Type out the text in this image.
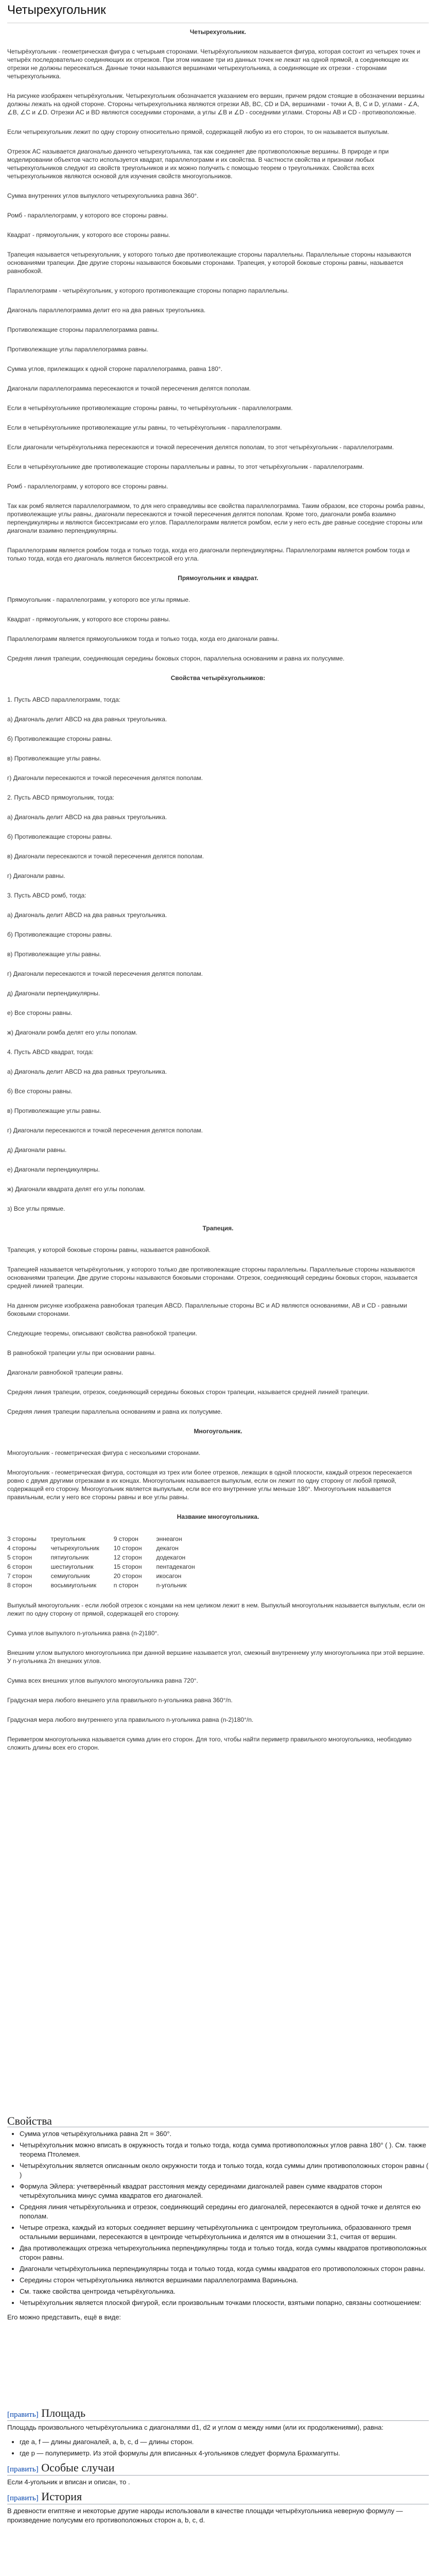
Четырехугольник
Четырехугольник.

Четырёхугольник - геометрическая фигура с четырьмя сторонами. Четырёхугольником называется фигура, которая состоит из четырех точек и четырёх последовательно соединяющих их отрезков. При этом никакие три из данных точек не лежат на одной прямой, а соединяющие их отрезки не должны пересекаться. Данные точки называются вершинами четырехугольника, а соединяющие их отрезки - сторонами четырехугольника.

На рисунке изображен четырёхугольник. Четырехугольник обозначается указанием его вершин, причем рядом стоящие в обозначении вершины должны лежать на одной стороне. Стороны четырехугольника являются отрезки AB, BC, CD и DA, вершинами - точки A, B, C и D, углами - ∠A, ∠B, ∠C и ∠D. Отрезки AC и BD являются соседними сторонами, а углы ∠B и ∠D - соседними углами. Стороны AB и CD - противоположные.

Если четырехугольник лежит по одну сторону относительно прямой, содержащей любую из его сторон, то он называется выпуклым.

Отрезок AC называется диагональю данного четырехугольника, так как соединяет две противоположные вершины. В природе и при моделировании объектов часто используется квадрат, параллелограмм и их свойства. В частности свойства и признаки любых четырехугольников следуют из свойств треугольников и их можно получить с помощью теорем о треугольниках. Свойства всех четырехугольников являются основой для изучения свойств многоугольников.

Сумма внутренних углов выпуклого четырехугольника равна 360°.

Ромб - параллелограмм, у которого все стороны равны.

Квадрат - прямоугольник, у которого все стороны равны.

Трапеция называется четырехугольник, у которого только две противолежащие стороны параллельны. Параллельные стороны называются основаниями трапеции. Две другие стороны называются боковыми сторонами. Трапеция, у которой боковые стороны равны, называется равнобокой.

Параллелограмм - четырёхугольник, у которого противолежащие стороны попарно параллельны.

Диагональ параллелограмма делит его на два равных треугольника.

Противолежащие стороны параллелограмма равны.

Противолежащие углы параллелограмма равны.

Сумма углов, прилежащих к одной стороне параллелограмма, равна 180°.

Диагонали параллелограмма пересекаются и точкой пересечения делятся пополам.

Если в четырёхугольнике противолежащие стороны равны, то четырёхугольник - параллелограмм.

Если в четырёхугольнике противолежащие углы равны, то четырёхугольник - параллелограмм.

Если диагонали четырёхугольника пересекаются и точкой пересечения делятся пополам, то этот четырёхугольник - параллелограмм.

Если в четырёхугольнике две противолежащие стороны параллельны и равны, то этот четырёхугольник - параллелограмм.

Ромб - параллелограмм, у которого все стороны равны.

Так как ромб является параллелограммом, то для него справедливы все свойства параллелограмма. Таким образом, все стороны ромба равны, противолежащие углы равны, диагонали пересекаются и точкой пересечения делятся пополам. Кроме того, диагонали ромба взаимно перпендикулярны и являются биссектрисами его углов. Параллелограмм является ромбом, если у него есть две равные соседние стороны или диагонали взаимно перпендикулярны.

Параллелограмм является ромбом тогда и только тогда, когда его диагонали перпендикулярны. Параллелограмм является ромбом тогда и только тогда, когда его диагональ является биссектрисой его угла.

Прямоугольник и квадрат.

Прямоугольник - параллелограмм, у которого все углы прямые.

Квадрат - прямоугольник, у которого все стороны равны.

Параллелограмм является прямоугольником тогда и только тогда, когда его диагонали равны.

Средняя линия трапеции, соединяющая середины боковых сторон, параллельна основаниям и равна их полусумме.

Свойства четырёхугольников:

1. Пусть ABCD параллелограмм, тогда:

а) Диагональ делит ABCD на два равных треугольника.

б) Противолежащие стороны равны.

в) Противолежащие углы равны.

г) Диагонали пересекаются и точкой пересечения делятся пополам.

2. Пусть ABCD прямоугольник, тогда:

а) Диагональ делит ABCD на два равных треугольника.

б) Противолежащие стороны равны.

в) Диагонали пересекаются и точкой пересечения делятся пополам.

г) Диагонали равны.

3. Пусть ABCD ромб, тогда:

а) Диагональ делит ABCD на два равных треугольника.

б) Противолежащие стороны равны.

в) Противолежащие углы равны.

г) Диагонали пересекаются и точкой пересечения делятся пополам.

д) Диагонали перпендикулярны.

е) Все стороны равны.

ж) Диагонали ромба делят его углы пополам.

4. Пусть ABCD квадрат, тогда:

а) Диагональ делит ABCD на два равных треугольника.

б) Все стороны равны.

в) Противолежащие углы равны.

г) Диагонали пересекаются и точкой пересечения делятся пополам.

д) Диагонали равны.

е) Диагонали перпендикулярны.

ж) Диагонали квадрата делят его углы пополам.

з) Все углы прямые.

Трапеция.

Трапеция, у которой боковые стороны равны, называется равнобокой.

Трапецией называется четырёхугольник, у которого только две противолежащие стороны параллельны. Параллельные стороны называются основаниями трапеции. Две другие стороны называются боковыми сторонами. Отрезок, соединяющий середины боковых сторон, называется средней линией трапеции.

На данном рисунке изображена равнобокая трапеция ABCD. Параллельные стороны BC и AD являются основаниями, AB и CD - равными боковыми сторонами.

Следующие теоремы, описывают свойства равнобокой трапеции.

В равнобокой трапеции углы при основании равны.

Диагонали равнобокой трапеции равны.

Средняя линия трапеции, отрезок, соединяющий середины боковых сторон трапеции, называется средней линией трапеции.

Средняя линия трапеции параллельна основаниям и равна их полусумме.

Многоугольник.

Многоугольник - геометрическая фигура с несколькими сторонами.

Многоугольник - геометрическая фигура, состоящая из трех или более отрезков, лежащих в одной плоскости, каждый отрезок пересекается ровно с двумя другими отрезками в их концах. Многоугольник называется выпуклым, если он лежит по одну сторону от любой прямой, содержащей его сторону. Многоугольник является выпуклым, если все его внутренние углы меньше 180°. Многоугольник называется правильным, если у него все стороны равны и все углы равны.

Название многоугольника.

3 стороны	треугольник	9 сторон	эннеагон
4 стороны	четырехугольник	10 сторон	декагон
5 сторон	пятиугольник	12 сторон	додекагон
6 сторон	шестиугольник	15 сторон	пентадекагон
7 сторон	семиугольник	20 сторон	икосагон
8 сторон	восьмиугольник	n сторон	n-угольник

Выпуклый многоугольник - если любой отрезок с концами на нем целиком лежит в нем. Выпуклый многоугольник называется выпуклым, если он лежит по одну сторону от прямой, содержащей его сторону.

Сумма углов выпуклого n-угольника равна (n-2)180°.

Внешним углом выпуклого многоугольника при данной вершине называется угол, смежный внутреннему углу многоугольника при этой вершине. У n-угольника 2n внешних углов.

Сумма всех внешних углов выпуклого многоугольника равна 720°.

Градусная мера любого внешнего угла правильного n-угольника равна 360°/n.

Градусная мера любого внутреннего угла правильного n-угольника равна (n-2)180°/n.

Периметром многоугольника называется сумма длин его сторон. Для того, чтобы найти периметр правильного многоугольника, необходимо сложить длины всех его сторон.

Свойства
• Сумма углов четырёхугольника равна 2π = 360°.
• Четырёхугольник можно вписать в окружность тогда и только тогда, когда сумма противоположных углов равна 180° ( ). См. также теорема Птолемея.
• Четырёхугольник является описанным около окружности тогда и только тогда, когда суммы длин противоположных сторон равны ( )
• Формула Эйлера: учетверённый квадрат расстояния между серединами диагоналей равен сумме квадратов сторон четырёхугольника минус сумма квадратов его диагоналей.
• Средняя линия четырёхугольника и отрезок, соединяющий середины его диагоналей, пересекаются в одной точке и делятся ею пополам.
• Четыре отрезка, каждый из которых соединяет вершину четырёхугольника с центроидом треугольника, образованного тремя остальными вершинами, пересекаются в центроиде четырёхугольника и делятся им в отношении 3:1, считая от вершин.
• Два противолежащих отрезка четырехугольника перпендикулярны тогда и только тогда, когда суммы квадратов противоположных сторон равны.
• Диагонали четырёхугольника перпендикулярны тогда и только тогда, когда суммы квадратов его противоположных сторон равны.
• Середины сторон четырёхугольника являются вершинами параллелограмма Вариньона.
• См. также свойства центроида четырёхугольника.
• Четырёхугольник является плоской фигурой, если произвольным точками плоскости, взятыми попарно, связаны соотношением:

Его можно представить, ещё в виде:

[править] Площадь

Площадь произвольного четырёхугольника с диагоналями d1, d2 и углом α между ними (или их продолжениями), равна:

• где a, f — длины диагоналей, a, b, c, d — длины сторон.
• где p — полупериметр. Из этой формулы для вписанных 4-угольников следует формула Брахмагупты.
[править] Особые случаи

Если 4-угольник и вписан и описан, то .

[править] История

В древности египтяне и некоторые другие народы использовали в качестве площади четырёхугольника неверную формулу — произведение полусумм его противоположных сторон a, b, c, d.
